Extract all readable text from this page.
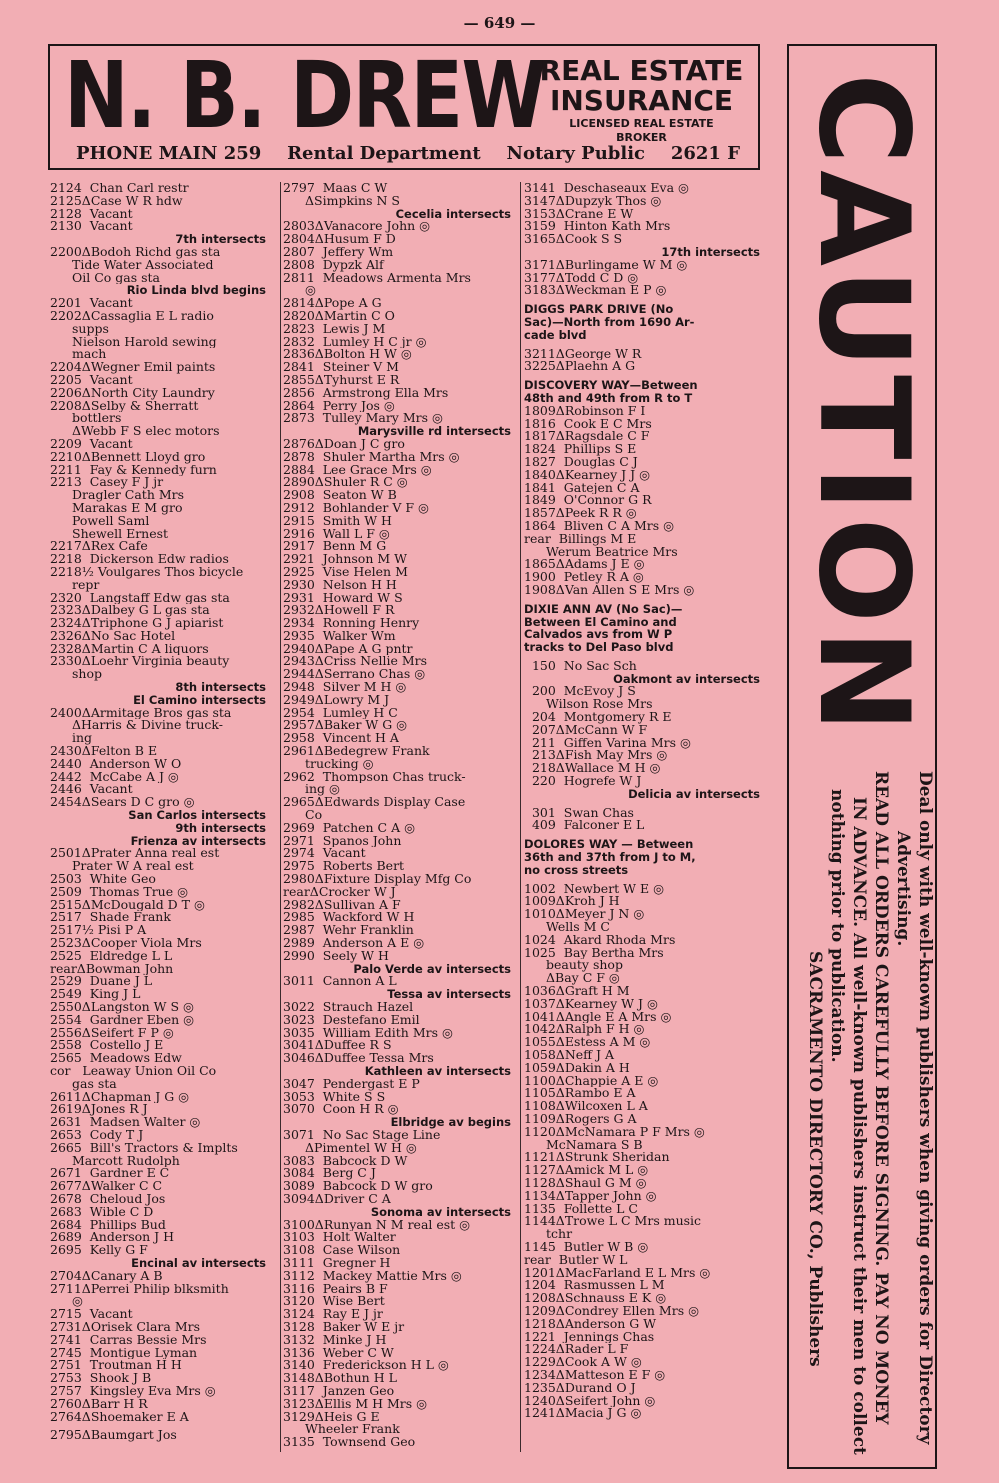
— 649 —
N. B. DREW
REAL ESTATE
INSURANCE
LICENSED REAL ESTATE
BROKER
PHONE MAIN 259 Rental Department Notary Public 2621 F
2124  Chan Carl restr
2125ΔCase W R hdw
2128  Vacant
2130  Vacant
7th intersects
2200ΔBodoh Richd gas sta
Tide Water Associated
Oil Co gas sta
Rio Linda blvd begins
2201  Vacant
2202ΔCassaglia E L radio
supps
Nielson Harold sewing
mach
2204ΔWegner Emil paints
2205  Vacant
2206ΔNorth City Laundry
2208ΔSelby & Sherratt
bottlers
ΔWebb F S elec motors
2209  Vacant
2210ΔBennett Lloyd gro
2211  Fay & Kennedy furn
2213  Casey F J jr
Dragler Cath Mrs
Marakas E M gro
Powell Saml
Shewell Ernest
2217ΔRex Cafe
2218  Dickerson Edw radios
2218½ Voulgares Thos bicycle
repr
2320  Langstaff Edw gas sta
2323ΔDalbey G L gas sta
2324ΔTriphone G J apiarist
2326ΔNo Sac Hotel
2328ΔMartin C A liquors
2330ΔLoehr Virginia beauty
shop
8th intersects
El Camino intersects
2400ΔArmitage Bros gas sta
ΔHarris & Divine truck-
ing
2430ΔFelton B E
2440  Anderson W O
2442  McCabe A J ◎
2446  Vacant
2454ΔSears D C gro ◎
San Carlos intersects
9th intersects
Frienza av intersects
2501ΔPrater Anna real est
Prater W A real est
2503  White Geo
2509  Thomas True ◎
2515ΔMcDougald D T ◎
2517  Shade Frank
2517½ Pisi P A
2523ΔCooper Viola Mrs
2525  Eldredge L L
rearΔBowman John
2529  Duane J L
2549  King J L
2550ΔLangston W S ◎
2554  Gardner Eben ◎
2556ΔSeifert F P ◎
2558  Costello J E
2565  Meadows Edw
cor   Leaway Union Oil Co
gas sta
2611ΔChapman J G ◎
2619ΔJones R J
2631  Madsen Walter ◎
2653  Cody T J
2665  Bill's Tractors & Implts
Marcott Rudolph
2671  Gardner E C
2677ΔWalker C C
2678  Cheloud Jos
2683  Wible C D
2684  Phillips Bud
2689  Anderson J H
2695  Kelly G F
Encinal av intersects
2704ΔCanary A B
2711ΔPerrei Philip blksmith
◎
2715  Vacant
2731ΔOrisek Clara Mrs
2741  Carras Bessie Mrs
2745  Montigue Lyman
2751  Troutman H H
2753  Shook J B
2757  Kingsley Eva Mrs ◎
2760ΔBarr H R
2764ΔShoemaker E A
2795ΔBaumgart Jos
2797  Maas C W
ΔSimpkins N S
Cecelia intersects
2803ΔVanacore John ◎
2804ΔHusum F D
2807  Jeffery Wm
2808  Dypzk Alf
2811  Meadows Armenta Mrs
◎
2814ΔPope A G
2820ΔMartin C O
2823  Lewis J M
2832  Lumley H C jr ◎
2836ΔBolton H W ◎
2841  Steiner V M
2855ΔTyhurst E R
2856  Armstrong Ella Mrs
2864  Perry Jos ◎
2873  Tulley Mary Mrs ◎
Marysville rd intersects
2876ΔDoan J C gro
2878  Shuler Martha Mrs ◎
2884  Lee Grace Mrs ◎
2890ΔShuler R C ◎
2908  Seaton W B
2912  Bohlander V F ◎
2915  Smith W H
2916  Wall L F ◎
2917  Benn M G
2921  Johnson M W
2925  Vise Helen M
2930  Nelson H H
2931  Howard W S
2932ΔHowell F R
2934  Ronning Henry
2935  Walker Wm
2940ΔPape A G pntr
2943ΔCriss Nellie Mrs
2944ΔSerrano Chas ◎
2948  Silver M H ◎
2949ΔLowry M J
2954  Lumley H C
2957ΔBaker W G ◎
2958  Vincent H A
2961ΔBedegrew Frank
trucking ◎
2962  Thompson Chas truck-
ing ◎
2965ΔEdwards Display Case
Co
2969  Patchen C A ◎
2971  Spanos John
2974  Vacant
2975  Roberts Bert
2980ΔFixture Display Mfg Co
rearΔCrocker W J
2982ΔSullivan A F
2985  Wackford W H
2987  Wehr Franklin
2989  Anderson A E ◎
2990  Seely W H
Palo Verde av intersects
3011  Cannon A L
Tessa av intersects
3022  Strauch Hazel
3023  Destefano Emil
3035  William Edith Mrs ◎
3041ΔDuffee R S
3046ΔDuffee Tessa Mrs
Kathleen av intersects
3047  Pendergast E P
3053  White S S
3070  Coon H R ◎
Elbridge av begins
3071  No Sac Stage Line
ΔPimentel W H ◎
3083  Babcock D W
3084  Berg C J
3089  Babcock D W gro
3094ΔDriver C A
Sonoma av intersects
3100ΔRunyan N M real est ◎
3103  Holt Walter
3108  Case Wilson
3111  Gregner H
3112  Mackey Mattie Mrs ◎
3116  Peairs B F
3120  Wise Bert
3124  Ray E J jr
3128  Baker W E jr
3132  Minke J H
3136  Weber C W
3140  Frederickson H L ◎
3148ΔBothun H L
3117  Janzen Geo
3123ΔEllis M H Mrs ◎
3129ΔHeis G E
Wheeler Frank
3135  Townsend Geo
3141  Deschaseaux Eva ◎
3147ΔDupzyk Thos ◎
3153ΔCrane E W
3159  Hinton Kath Mrs
3165ΔCook S S
17th intersects
3171ΔBurlingame W M ◎
3177ΔTodd C D ◎
3183ΔWeckman E P ◎
DIGGS PARK DRIVE (No
Sac)—North from 1690 Ar-
cade blvd
3211ΔGeorge W R
3225ΔPlaehn A G
DISCOVERY WAY—Between
48th and 49th from R to T
1809ΔRobinson F I
1816  Cook E C Mrs
1817ΔRagsdale C F
1824  Phillips S E
1827  Douglas C J
1840ΔKearney J J ◎
1841  Gatejen C A
1849  O'Connor G R
1857ΔPeek R R ◎
1864  Bliven C A Mrs ◎
rear  Billings M E
Werum Beatrice Mrs
1865ΔAdams J E ◎
1900  Petley R A ◎
1908ΔVan Allen S E Mrs ◎
DIXIE ANN AV (No Sac)—
Between El Camino and
Calvados avs from W P
tracks to Del Paso blvd
150  No Sac Sch
Oakmont av intersects
200  McEvoy J S
Wilson Rose Mrs
204  Montgomery R E
207ΔMcCann W F
211  Giffen Varina Mrs ◎
213ΔFish May Mrs ◎
218ΔWallace M H ◎
220  Hogrefe W J
Delicia av intersects
301  Swan Chas
409  Falconer E L
DOLORES WAY — Between
36th and 37th from J to M,
no cross streets
1002  Newbert W E ◎
1009ΔKroh J H
1010ΔMeyer J N ◎
Wells M C
1024  Akard Rhoda Mrs
1025  Bay Bertha Mrs
beauty shop
ΔBay C F ◎
1036ΔGraft H M
1037ΔKearney W J ◎
1041ΔAngle E A Mrs ◎
1042ΔRalph F H ◎
1055ΔEstess A M ◎
1058ΔNeff J A
1059ΔDakin A H
1100ΔChappie A E ◎
1105ΔRambo E A
1108ΔWilcoxen L A
1109ΔRogers G A
1120ΔMcNamara P F Mrs ◎
McNamara S B
1121ΔStrunk Sheridan
1127ΔAmick M L ◎
1128ΔShaul G M ◎
1134ΔTapper John ◎
1135  Follette L C
1144ΔTrowe L C Mrs music
tchr
1145  Butler W B ◎
rear  Butler W L
1201ΔMacFarland E L Mrs ◎
1204  Rasmussen L M
1208ΔSchnauss E K ◎
1209ΔCondrey Ellen Mrs ◎
1218ΔAnderson G W
1221  Jennings Chas
1224ΔRader L F
1229ΔCook A W ◎
1234ΔMatteson E F ◎
1235ΔDurand O J
1240ΔSeifert John ◎
1241ΔMacia J G ◎
CAUTION
Deal only with well-known publishers when giving orders for Directory
Advertising.
READ ALL ORDERS CAREFULLY BEFORE SIGNING. PAY NO MONEY
IN ADVANCE. All well-known publishers instruct their men to collect
nothing prior to publication.
SACRAMENTO DIRECTORY CO., Publishers
